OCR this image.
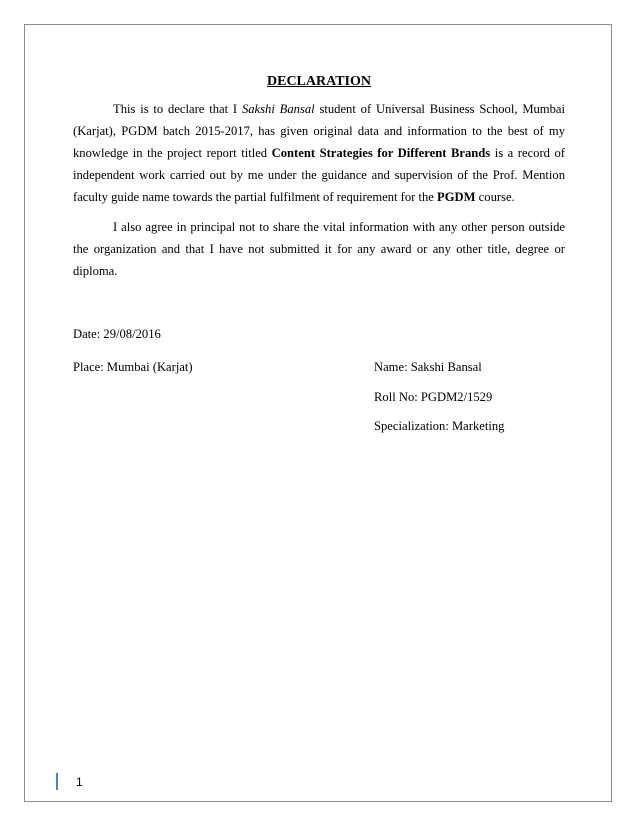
DECLARATION

This is to declare that I Sakshi Bansal student of Universal Business School, Mumbai (Karjat), PGDM batch 2015-2017, has given original data and information to the best of my knowledge in the project report titled Content Strategies for Different Brands is a record of independent work carried out by me under the guidance and supervision of the Prof. Mention faculty guide name towards the partial fulfilment of requirement for the PGDM course.

I also agree in principal not to share the vital information with any other person outside the organization and that I have not submitted it for any award or any other title, degree or diploma.

Date: 29/08/2016
Place: Mumbai (Karjat)	Name: Sakshi Bansal
Roll No: PGDM2/1529
Specialization: Marketing
1
